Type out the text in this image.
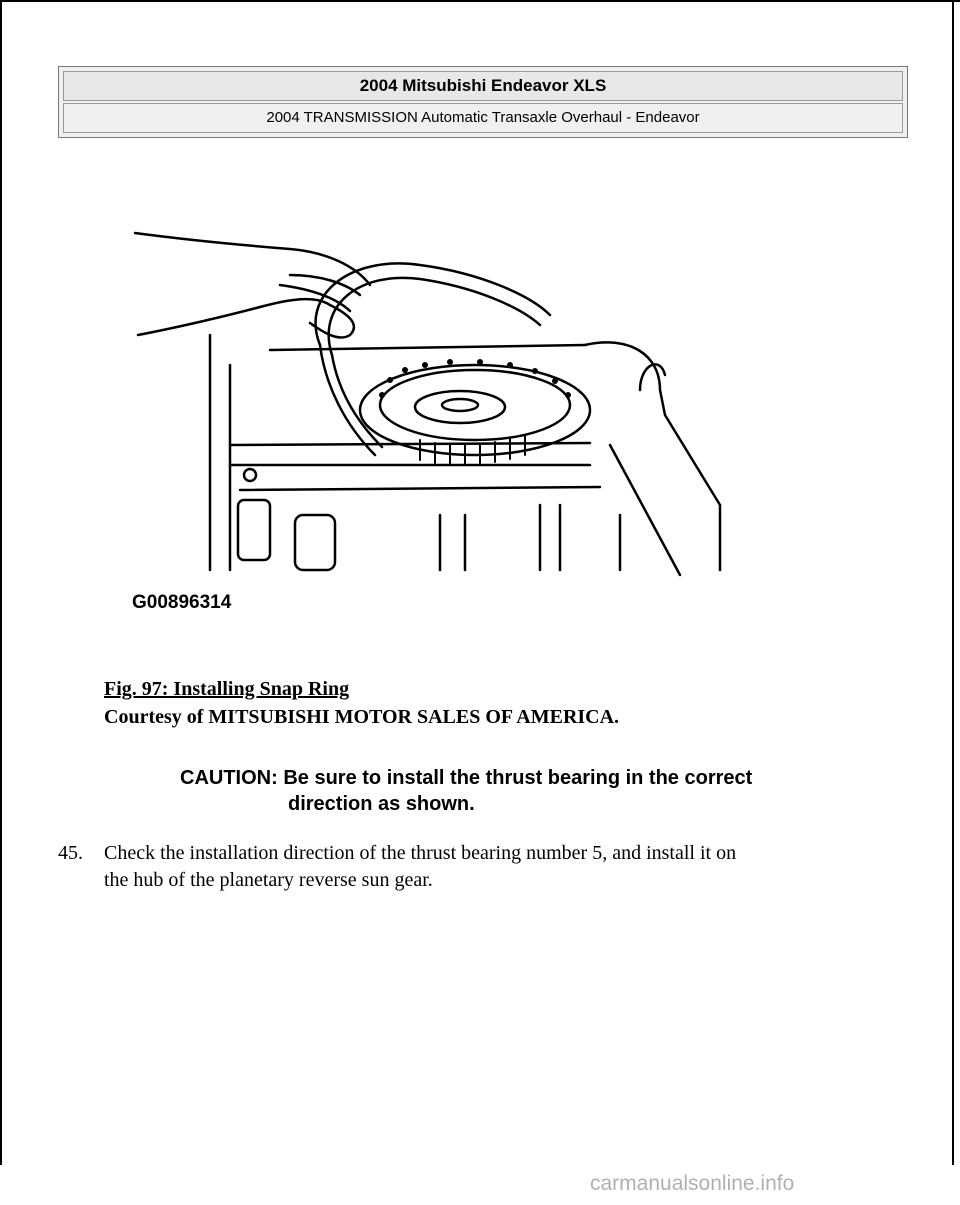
2004 Mitsubishi Endeavor XLS
2004 TRANSMISSION Automatic Transaxle Overhaul - Endeavor
G00896314
Fig. 97: Installing Snap Ring
Courtesy of MITSUBISHI MOTOR SALES OF AMERICA.
CAUTION: Be sure to install the thrust bearing in the correct
direction as shown.
45. Check the installation direction of the thrust bearing number 5, and install it on
the hub of the planetary reverse sun gear.
carmanualsonline.info
